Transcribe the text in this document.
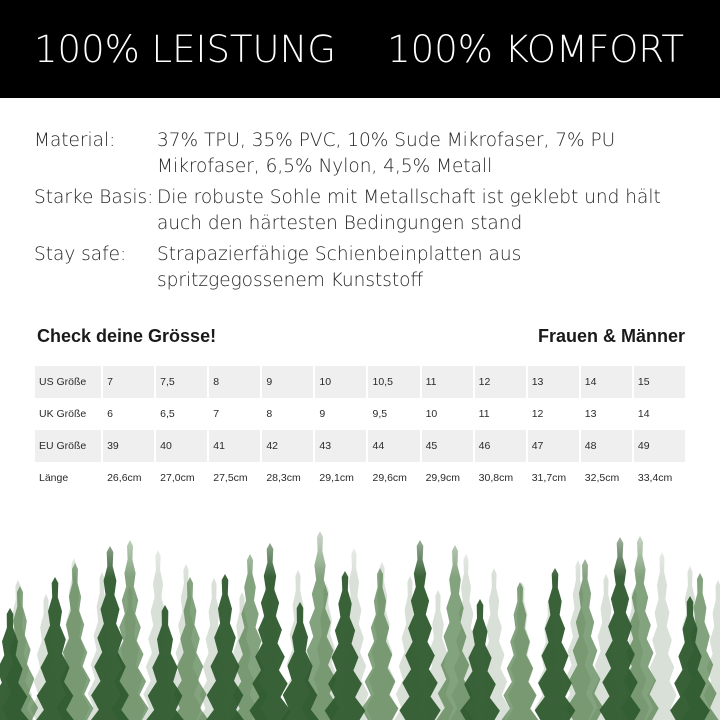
100% LEISTUNG 100% KOMFORT
Material:	37% TPU, 35% PVC, 10% Sude Mikrofaser, 7% PU Mikrofaser, 6,5% Nylon, 4,5% Metall
Starke Basis: Die robuste Sohle mit Metallschaft ist geklebt und hält auch den härtesten Bedingungen stand
Stay safe:	Strapazierfähige Schienbeinplatten aus spritzgegossenem Kunststoff
Check deine Grösse!	Frauen & Männer
US Größe	7	7,5	8	9	10	10,5	11	12	13	14	15
UK Größe	6	6,5	7	8	9	9,5	10	11	12	13	14
EU Größe	39	40	41	42	43	44	45	46	47	48	49
Länge	26,6cm	27,0cm	27,5cm	28,3cm	29,1cm	29,6cm	29,9cm	30,8cm	31,7cm	32,5cm	33,4cm
